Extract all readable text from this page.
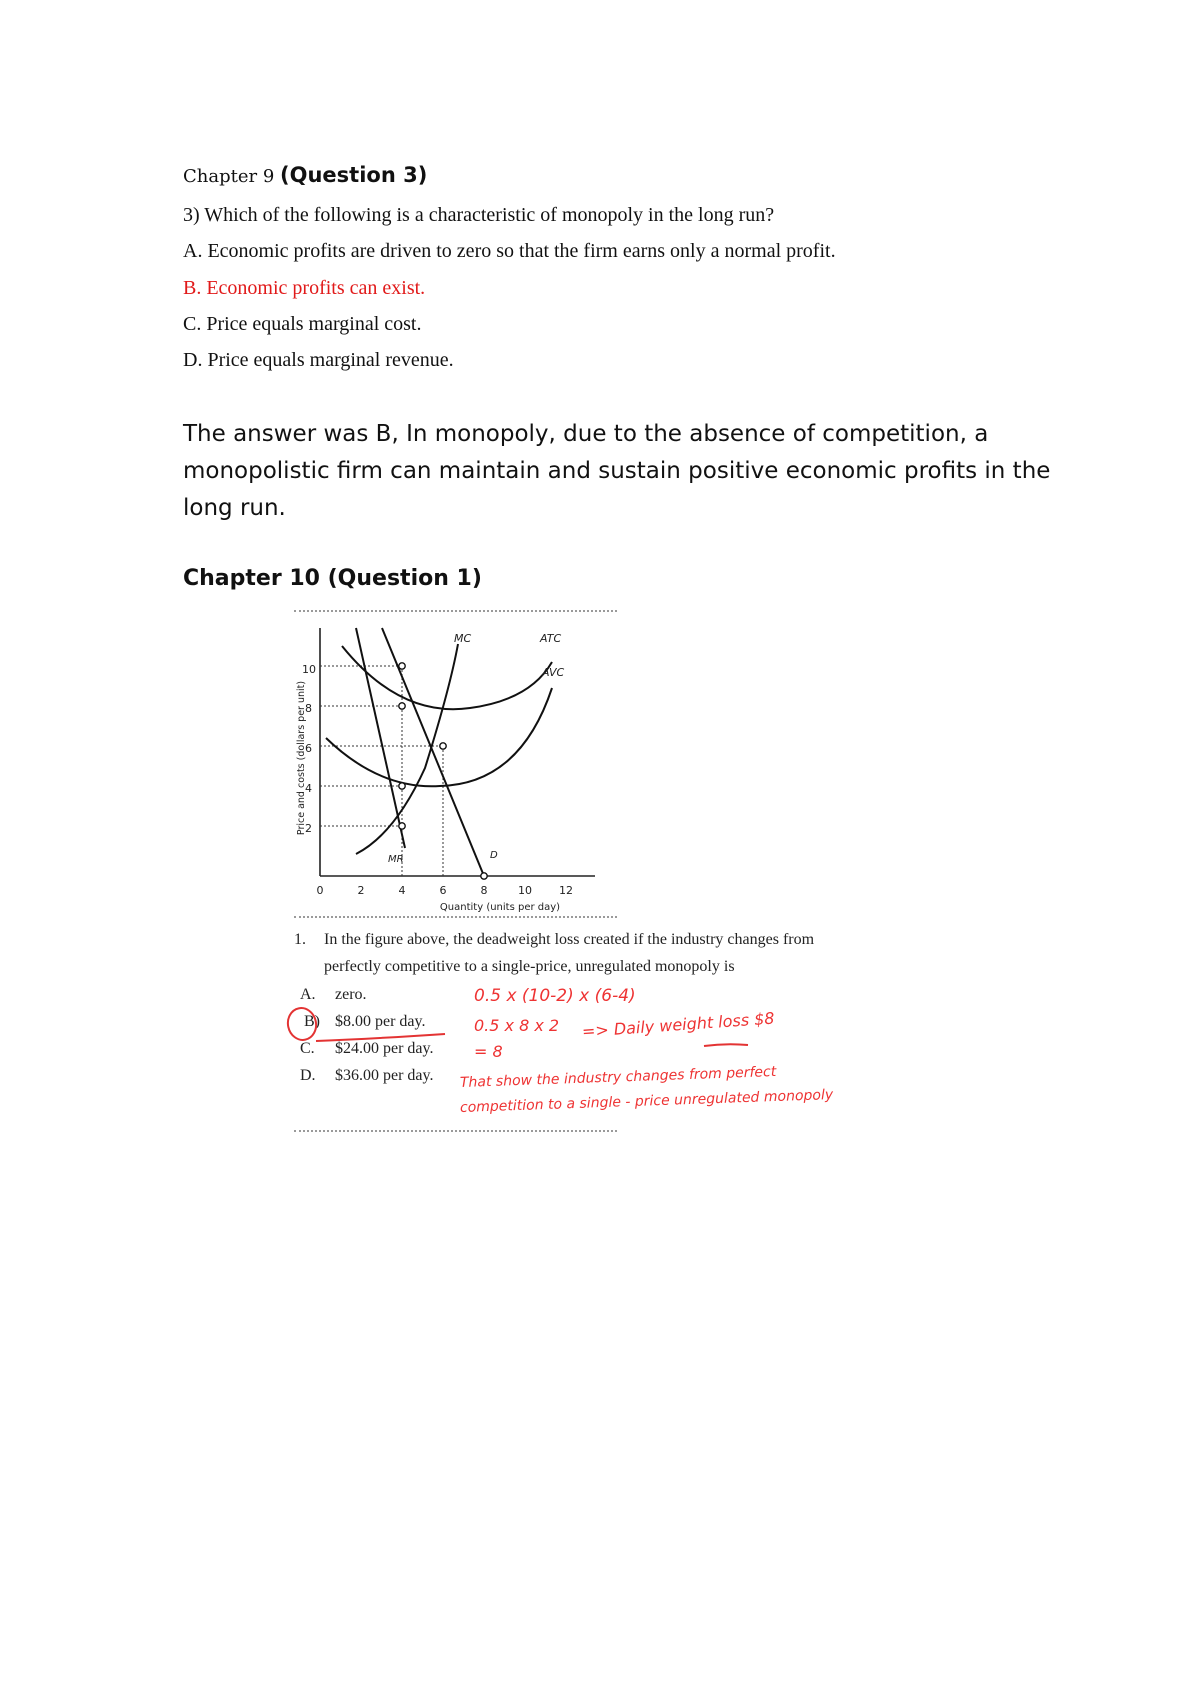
Chapter 9 (Question 3)
3) Which of the following is a characteristic of monopoly in the long run?
A. Economic profits are driven to zero so that the firm earns only a normal profit.
B. Economic profits can exist.
C. Price equals marginal cost.
D. Price equals marginal revenue.
The answer was B, In monopoly, due to the absence of competition, a monopolistic firm can maintain and sustain positive economic profits in the long run.
Chapter 10 (Question 1)
Price and costs (dollars per unit)
2
4
6
8
10
0	2	4	6	8	10 12
Quantity (units per day)
MC	ATC
AVC
MR	D
1. In the figure above, the deadweight loss created if the industry changes from
perfectly competitive to a single-price, unregulated monopoly is
A. zero.
B) $8.00 per day.
C. $24.00 per day.
D. $36.00 per day.
0.5 x (10-2) x (6-4)
0.5 x 8 x 2
= 8
=> Daily weight loss $8
That show the industry changes from perfect
competition to a single - price unregulated monopoly
